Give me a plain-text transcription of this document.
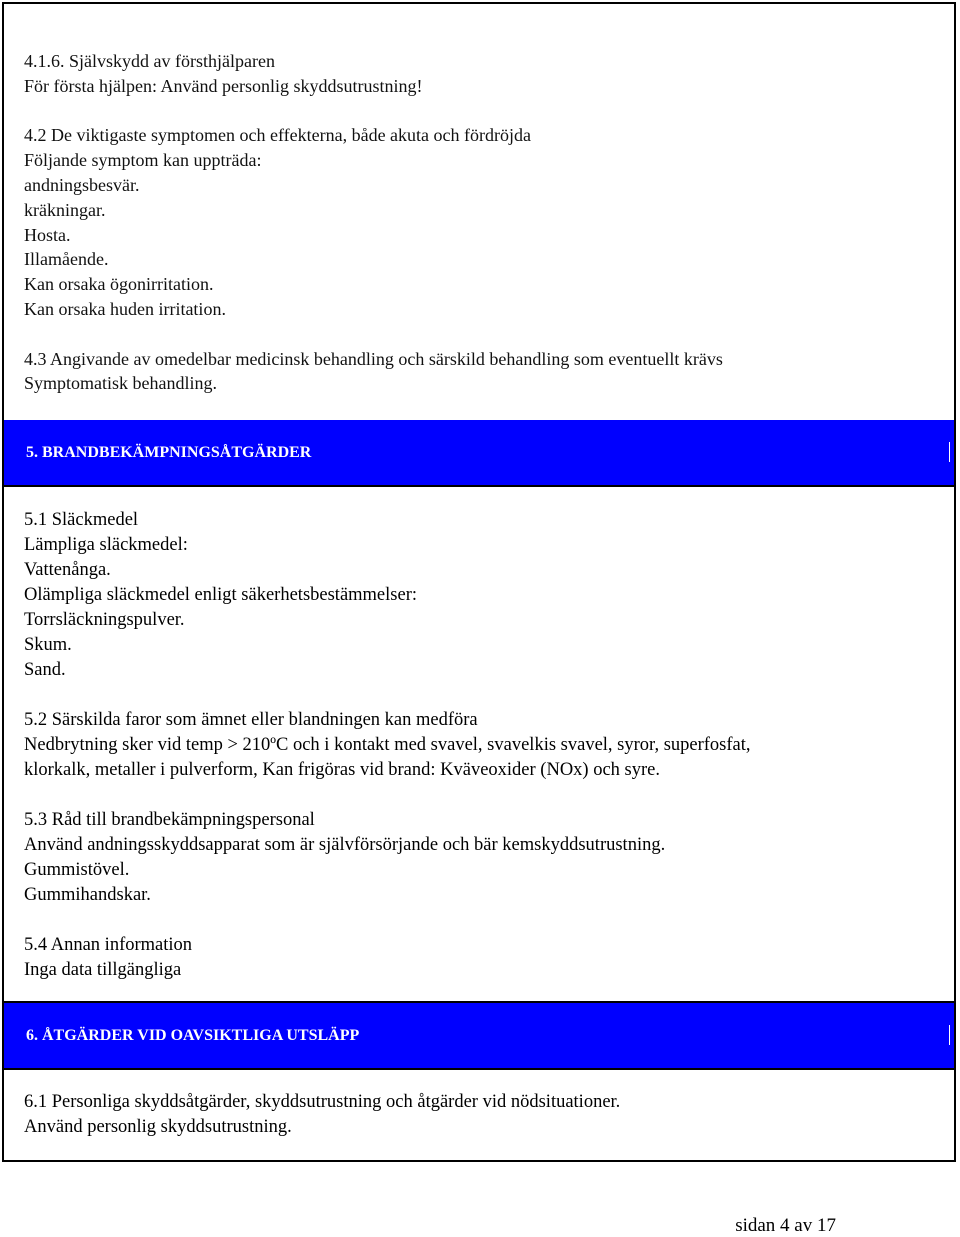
4.1.6. Självskydd av försthjälparen
För första hjälpen: Använd personlig skyddsutrustning!
4.2 De viktigaste symptomen och effekterna, både akuta och fördröjda
Följande symptom kan uppträda:
andningsbesvär.
kräkningar.
Hosta.
Illamående.
Kan orsaka ögonirritation.
Kan orsaka huden irritation.
4.3 Angivande av omedelbar medicinsk behandling och särskild behandling som eventuellt krävs
Symptomatisk behandling.
5. BRANDBEKÄMPNINGSÅTGÄRDER
5.1 Släckmedel
Lämpliga släckmedel:
Vattenånga.
Olämpliga släckmedel enligt säkerhetsbestämmelser:
Torrsläckningspulver.
Skum.
Sand.
5.2 Särskilda faror som ämnet eller blandningen kan medföra
Nedbrytning sker vid temp > 210ºC och i kontakt med svavel, svavelkis svavel, syror, superfosfat,
klorkalk, metaller i pulverform, Kan frigöras vid brand: Kväveoxider (NOx) och syre.
5.3 Råd till brandbekämpningspersonal
Använd andningsskyddsapparat som är självförsörjande och bär kemskyddsutrustning.
Gummistövel.
Gummihandskar.
5.4 Annan information
Inga data tillgängliga
6. ÅTGÄRDER VID OAVSIKTLIGA UTSLÄPP
6.1 Personliga skyddsåtgärder, skyddsutrustning och åtgärder vid nödsituationer.
Använd personlig skyddsutrustning.
sidan 4 av 17
